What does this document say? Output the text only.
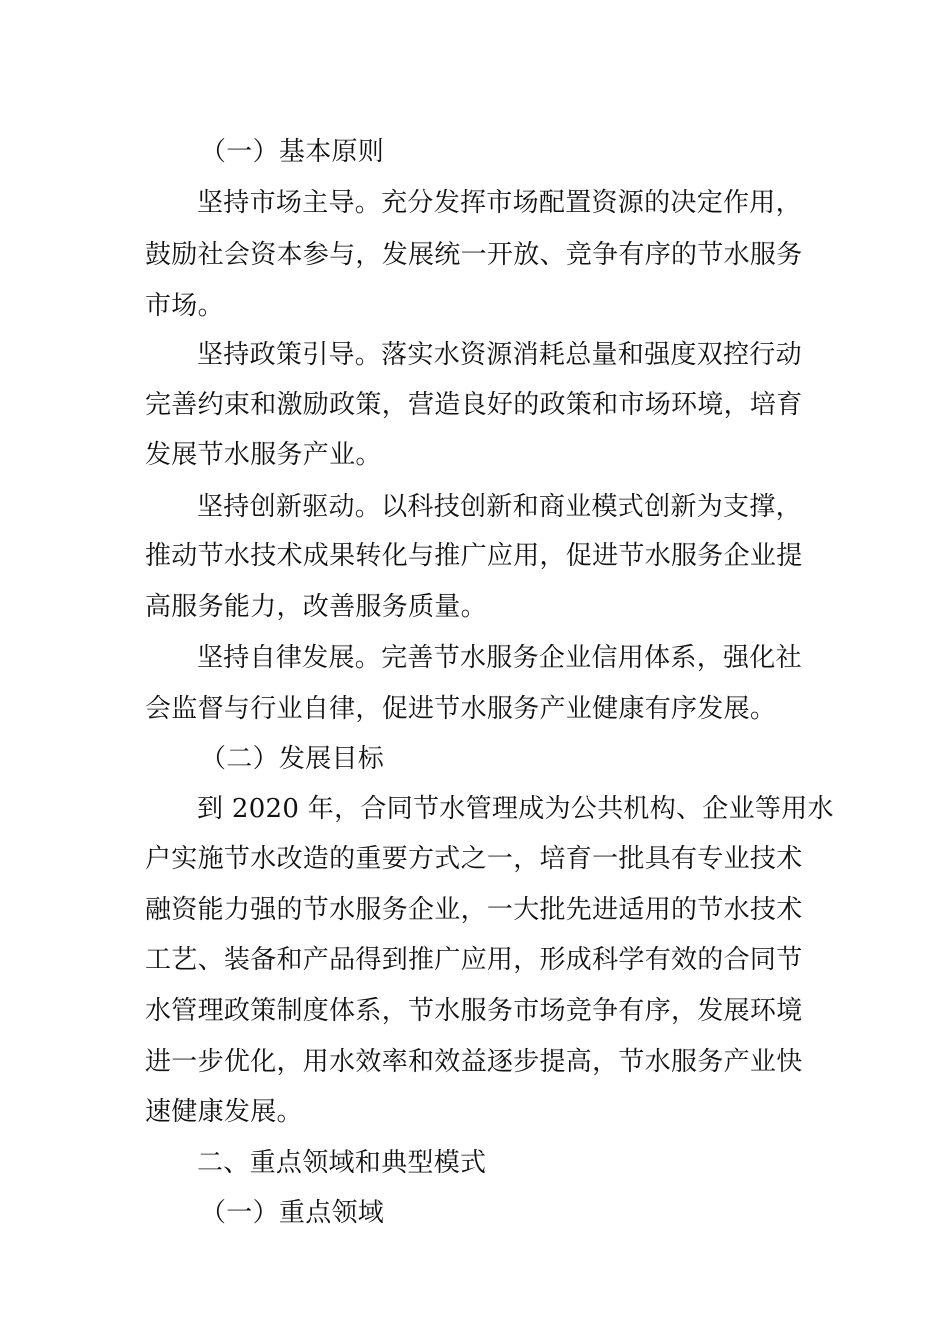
（一）基本原则
坚持市场主导。充分发挥市场配置资源的决定作用，
鼓励社会资本参与，发展统一开放、竞争有序的节水服务
市场。
坚持政策引导。落实水资源消耗总量和强度双控行动
完善约束和激励政策，营造良好的政策和市场环境，培育
发展节水服务产业。
坚持创新驱动。以科技创新和商业模式创新为支撑，
推动节水技术成果转化与推广应用，促进节水服务企业提
高服务能力，改善服务质量。
坚持自律发展。完善节水服务企业信用体系，强化社
会监督与行业自律，促进节水服务产业健康有序发展。
（二）发展目标
到 2020 年，合同节水管理成为公共机构、企业等用水
户实施节水改造的重要方式之一，培育一批具有专业技术
融资能力强的节水服务企业，一大批先进适用的节水技术
工艺、装备和产品得到推广应用，形成科学有效的合同节
水管理政策制度体系，节水服务市场竞争有序，发展环境
进一步优化，用水效率和效益逐步提高，节水服务产业快
速健康发展。
二、重点领域和典型模式
（一）重点领域
